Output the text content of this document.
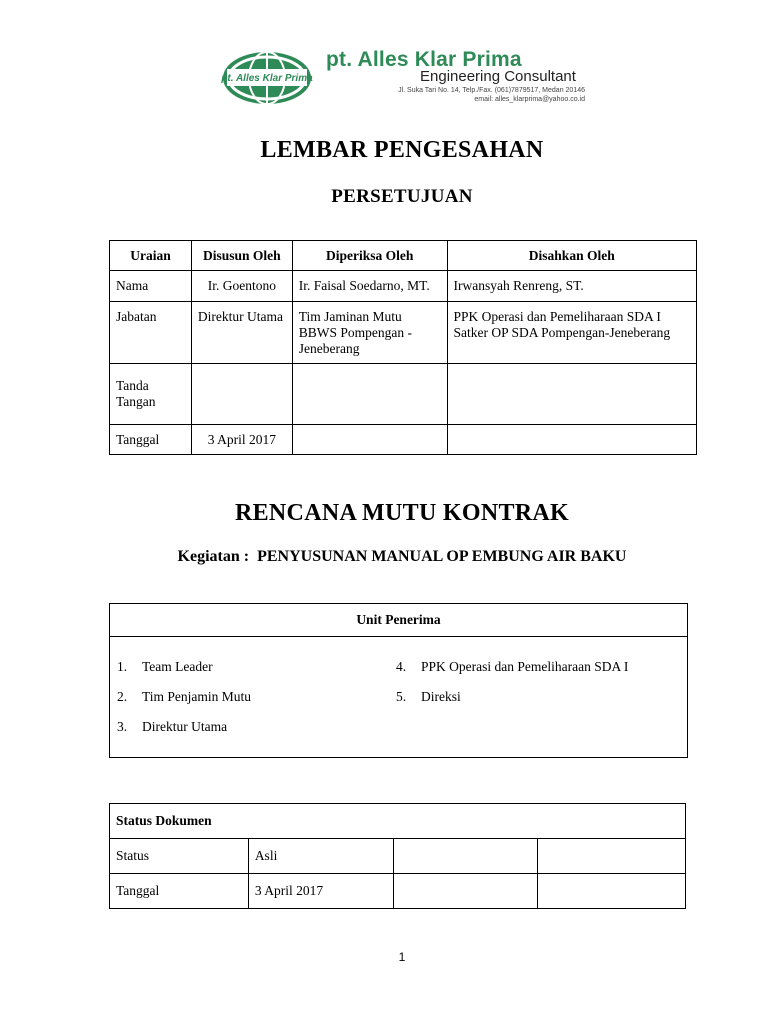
pt. Alles Klar Prima
pt. Alles Klar Prima
Engineering Consultant
Jl. Suka Tari No. 14, Telp./Fax. (061)7879517, Medan 20146
email: alles_klarprima@yahoo.co.id
LEMBAR PENGESAHAN
PERSETUJUAN
Uraian	Disusun Oleh	Diperiksa Oleh	Disahkan Oleh
Nama	Ir. Goentono	Ir. Faisal Soedarno, MT.	Irwansyah Renreng, ST.
Jabatan	Direktur Utama	Tim Jaminan Mutu BBWS Pompengan -Jeneberang	PPK Operasi dan Pemeliharaan SDA I Satker OP SDA Pompengan-Jeneberang
Tanda Tangan			
Tanggal	3 April 2017		
RENCANA MUTU KONTRAK
Kegiatan : PENYUSUNAN MANUAL OP EMBUNG AIR BAKU
Unit Penerima
1. Team Leader
2. Tim Penjamin Mutu
3. Direktur Utama
4. PPK Operasi dan Pemeliharaan SDA I
5. Direksi
Status Dokumen			
Status	Asli		
Tanggal	3 April 2017		
1
